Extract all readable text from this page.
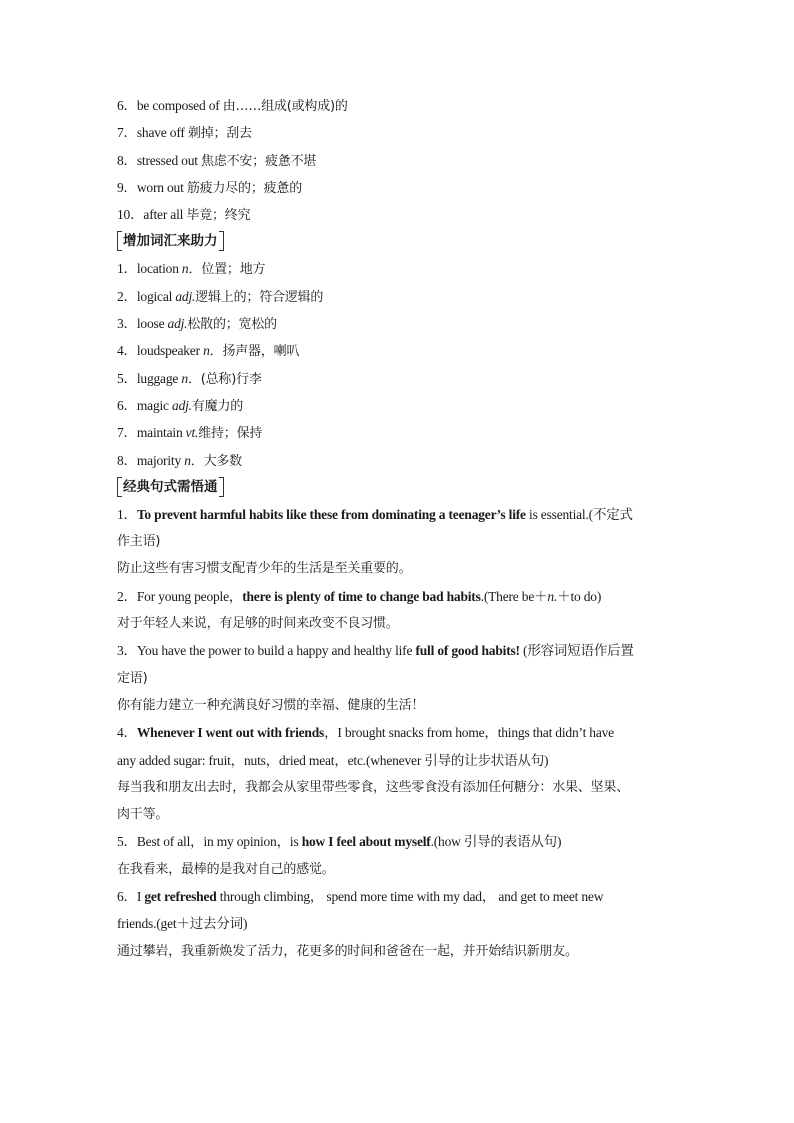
6．be composed of 由……组成(或构成)的
7．shave off 剃掉；刮去
8．stressed out 焦虑不安；疲惫不堪
9．worn out 筋疲力尽的；疲惫的
10．after all 毕竟；终究
增加词汇来助力
1．location n．位置；地方
2．logical adj.逻辑上的；符合逻辑的
3．loose adj.松散的；宽松的
4．loudspeaker n．扬声器，喇叭
5．luggage n．(总称)行李
6．magic adj.有魔力的
7．maintain vt.维持；保持
8．majority n．大多数
经典句式需悟通
1．To prevent harmful habits like these from dominating a teenager’s life is essential.(不定式
作主语)
防止这些有害习惯支配青少年的生活是至关重要的。
2．For young people，there is plenty of time to change bad habits.(There be＋n.＋to do)
对于年轻人来说，有足够的时间来改变不良习惯。
3．You have the power to build a happy and healthy life full of good habits! (形容词短语作后置
定语)
你有能力建立一种充满良好习惯的幸福、健康的生活！
4．Whenever I went out with friends，I brought snacks from home，things that didn’t have
any added sugar: fruit，nuts，dried meat，etc.(whenever 引导的让步状语从句)
每当我和朋友出去时，我都会从家里带些零食，这些零食没有添加任何糖分：水果、坚果、
肉干等。
5．Best of all，in my opinion，is how I feel about myself.(how 引导的表语从句)
在我看来，最棒的是我对自己的感觉。
6．I get refreshed through climbing， spend more time with my dad， and get to meet new
friends.(get＋过去分词)
通过攀岩，我重新焕发了活力，花更多的时间和爸爸在一起，并开始结识新朋友。
